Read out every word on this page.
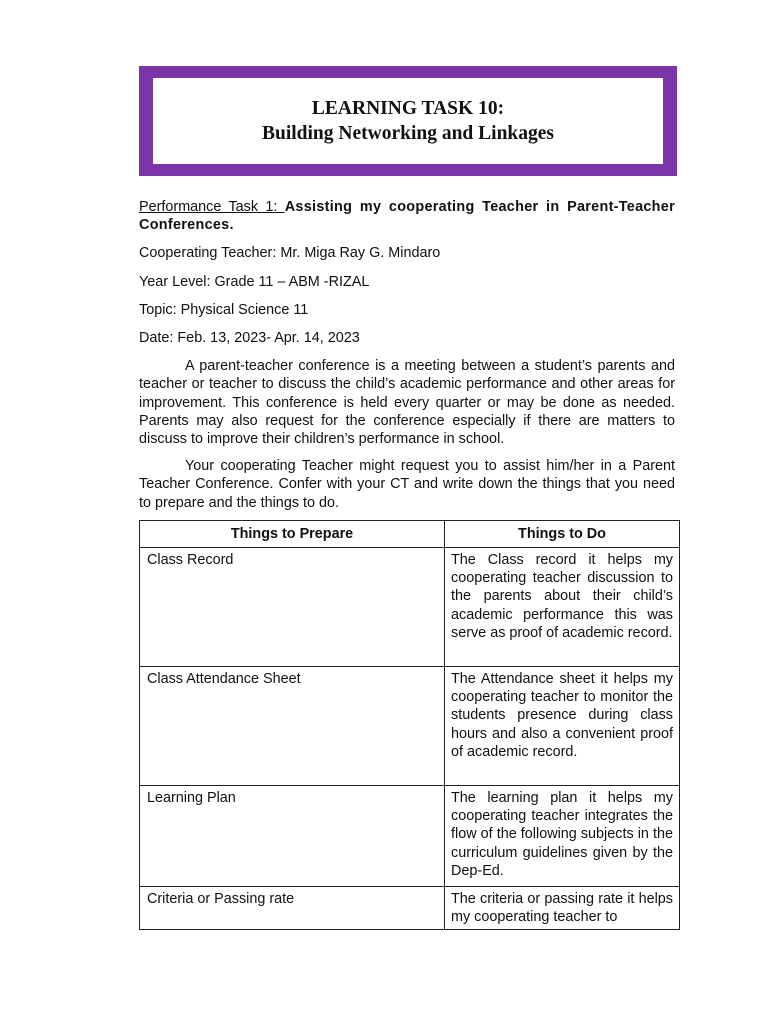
LEARNING TASK 10:
Building Networking and Linkages

Performance Task 1: Assisting my cooperating Teacher in Parent-Teacher Conferences.

Cooperating Teacher: Mr. Miga Ray G. Mindaro

Year Level: Grade 11 – ABM -RIZAL

Topic: Physical Science 11

Date: Feb. 13, 2023- Apr. 14, 2023

A parent-teacher conference is a meeting between a student’s parents and teacher or teacher to discuss the child’s academic performance and other areas for improvement. This conference is held every quarter or may be done as needed. Parents may also request for the conference especially if there are matters to discuss to improve their children’s performance in school.

Your cooperating Teacher might request you to assist him/her in a Parent Teacher Conference. Confer with your CT and write down the things that you need to prepare and the things to do.

Things to Prepare	Things to Do
Class Record	The Class record it helps my cooperating teacher discussion to the parents about their child’s academic performance this was serve as proof of academic record.
Class Attendance Sheet	The Attendance sheet it helps my cooperating teacher to monitor the students presence during class hours and also a convenient proof of academic record.
Learning Plan	The learning plan it helps my cooperating teacher integrates the flow of the following subjects in the curriculum guidelines given by the Dep-Ed.
Criteria or Passing rate	The criteria or passing rate it helps my cooperating teacher to
